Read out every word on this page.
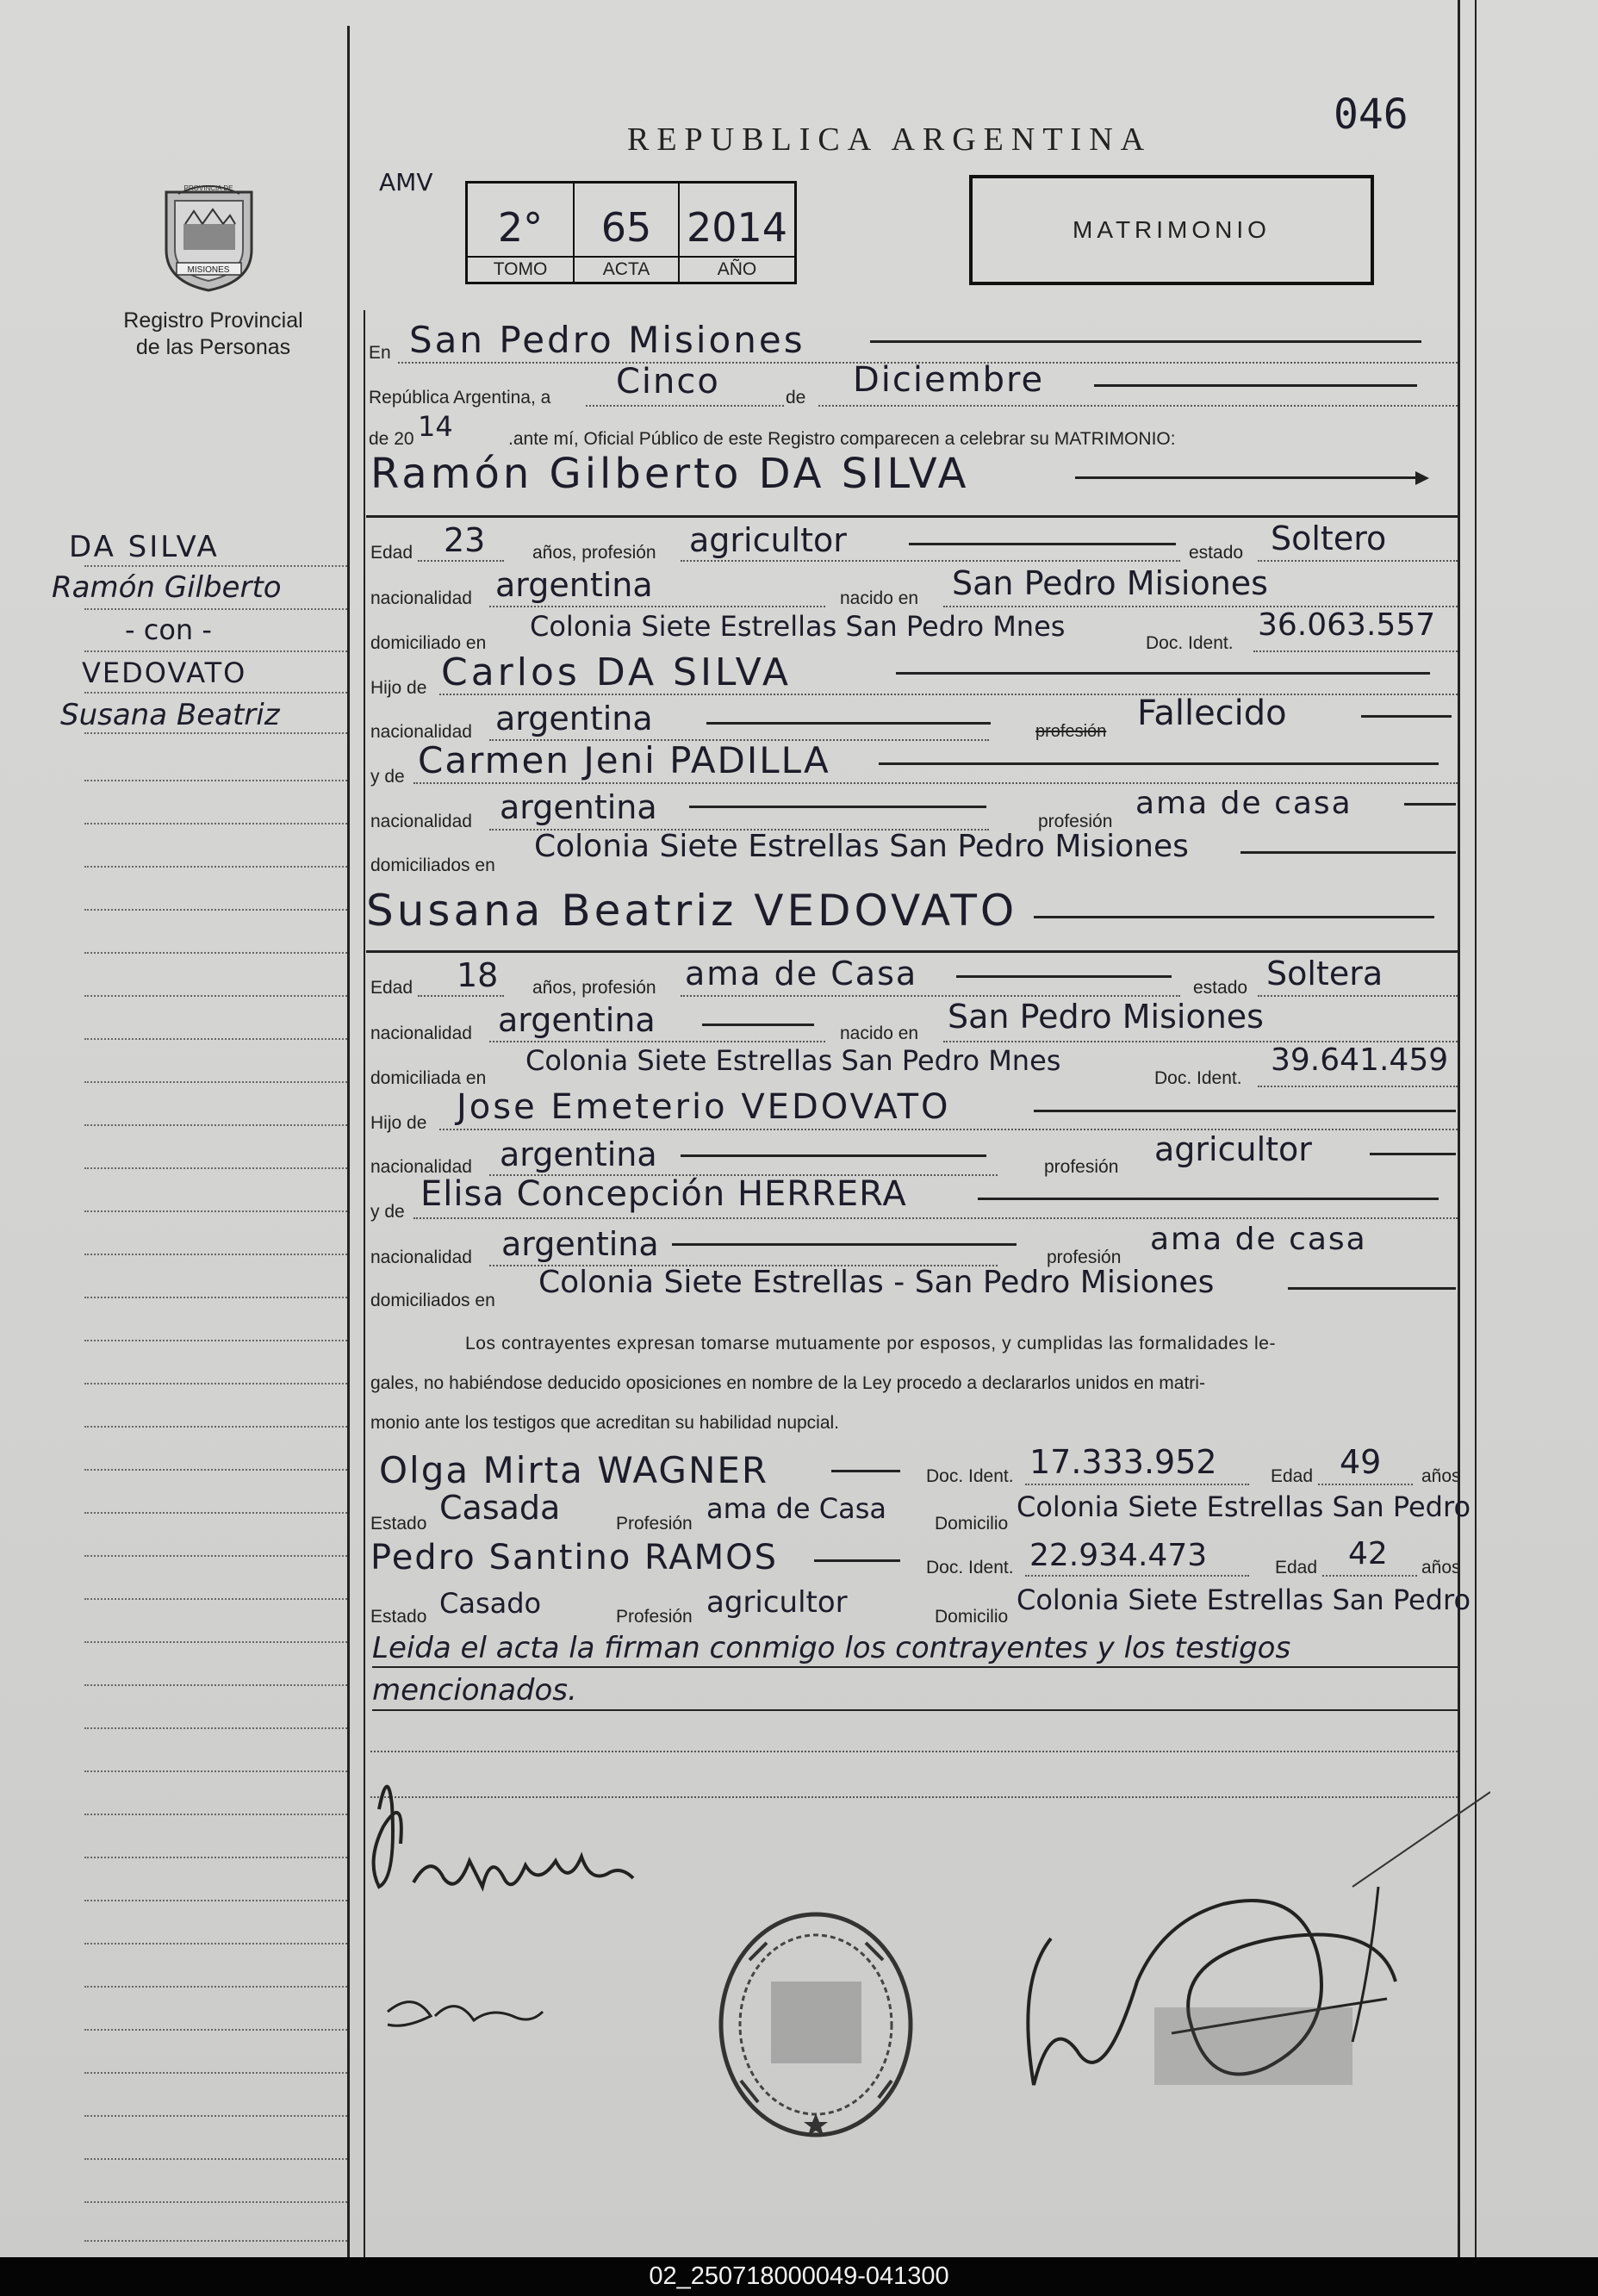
REPUBLICA ARGENTINA
046
AMV
2°
TOMO
65
ACTA
2014
AÑO
MATRIMONIO
PROVINCIA DE
MISIONES
Registro Provincial
de las Personas
DA SILVA
Ramón Gilberto
- con -
VEDOVATO
Susana Beatriz
En San Pedro Misiones
República Argentina, a Cinco	de Diciembre
de 20 14	.ante mí, Oficial Público de este Registro comparecen a celebrar su MATRIMONIO:
Ramón Gilberto DA SILVA
Edad 23	años, profesión agricultor	estado Soltero
nacionalidad argentina	nacido en San Pedro Misiones
domiciliado en
Colonia Siete Estrellas San Pedro Mnes
Doc. Ident.
36.063.557
Hijo de Carlos DA SILVA
nacionalidad argentina	profesión Fallecido
y de Carmen Jeni PADILLA
nacionalidad argentina	profesión
ama de casa
domiciliados en
Colonia Siete Estrellas San Pedro Misiones
Susana Beatriz VEDOVATO
Edad 18 años, profesión ama de Casa	estado Soltera
nacionalidad argentina	nacido en San Pedro Misiones
domiciliada en
Colonia Siete Estrellas San Pedro Mnes
Doc. Ident.
39.641.459
Hijo de Jose Emeterio VEDOVATO
nacionalidad argentina	profesión agricultor
y de Elisa Concepción HERRERA
nacionalidad argentina	profesión
ama de casa
domiciliados en
Colonia Siete Estrellas - San Pedro Misiones
Los contrayentes expresan tomarse mutuamente por esposos, y cumplidas las formalidades le-
gales, no habiéndose deducido oposiciones en nombre de la Ley procedo a declararlos unidos en matri-
monio ante los testigos que acreditan su habilidad nupcial.
Olga Mirta WAGNER	Doc. Ident. 17.333.952	Edad 49 años
Estado Casada	Profesión ama de Casa	Domicilio
Colonia Siete Estrellas San Pedro
Pedro Santino RAMOS	Doc. Ident. 22.934.473	Edad 42 años
Estado Casado	Profesión agricultor	Domicilio
Colonia Siete Estrellas San Pedro
Leida el acta la firman conmigo los contrayentes y los testigos
mencionados.
02_250718000049-041300
